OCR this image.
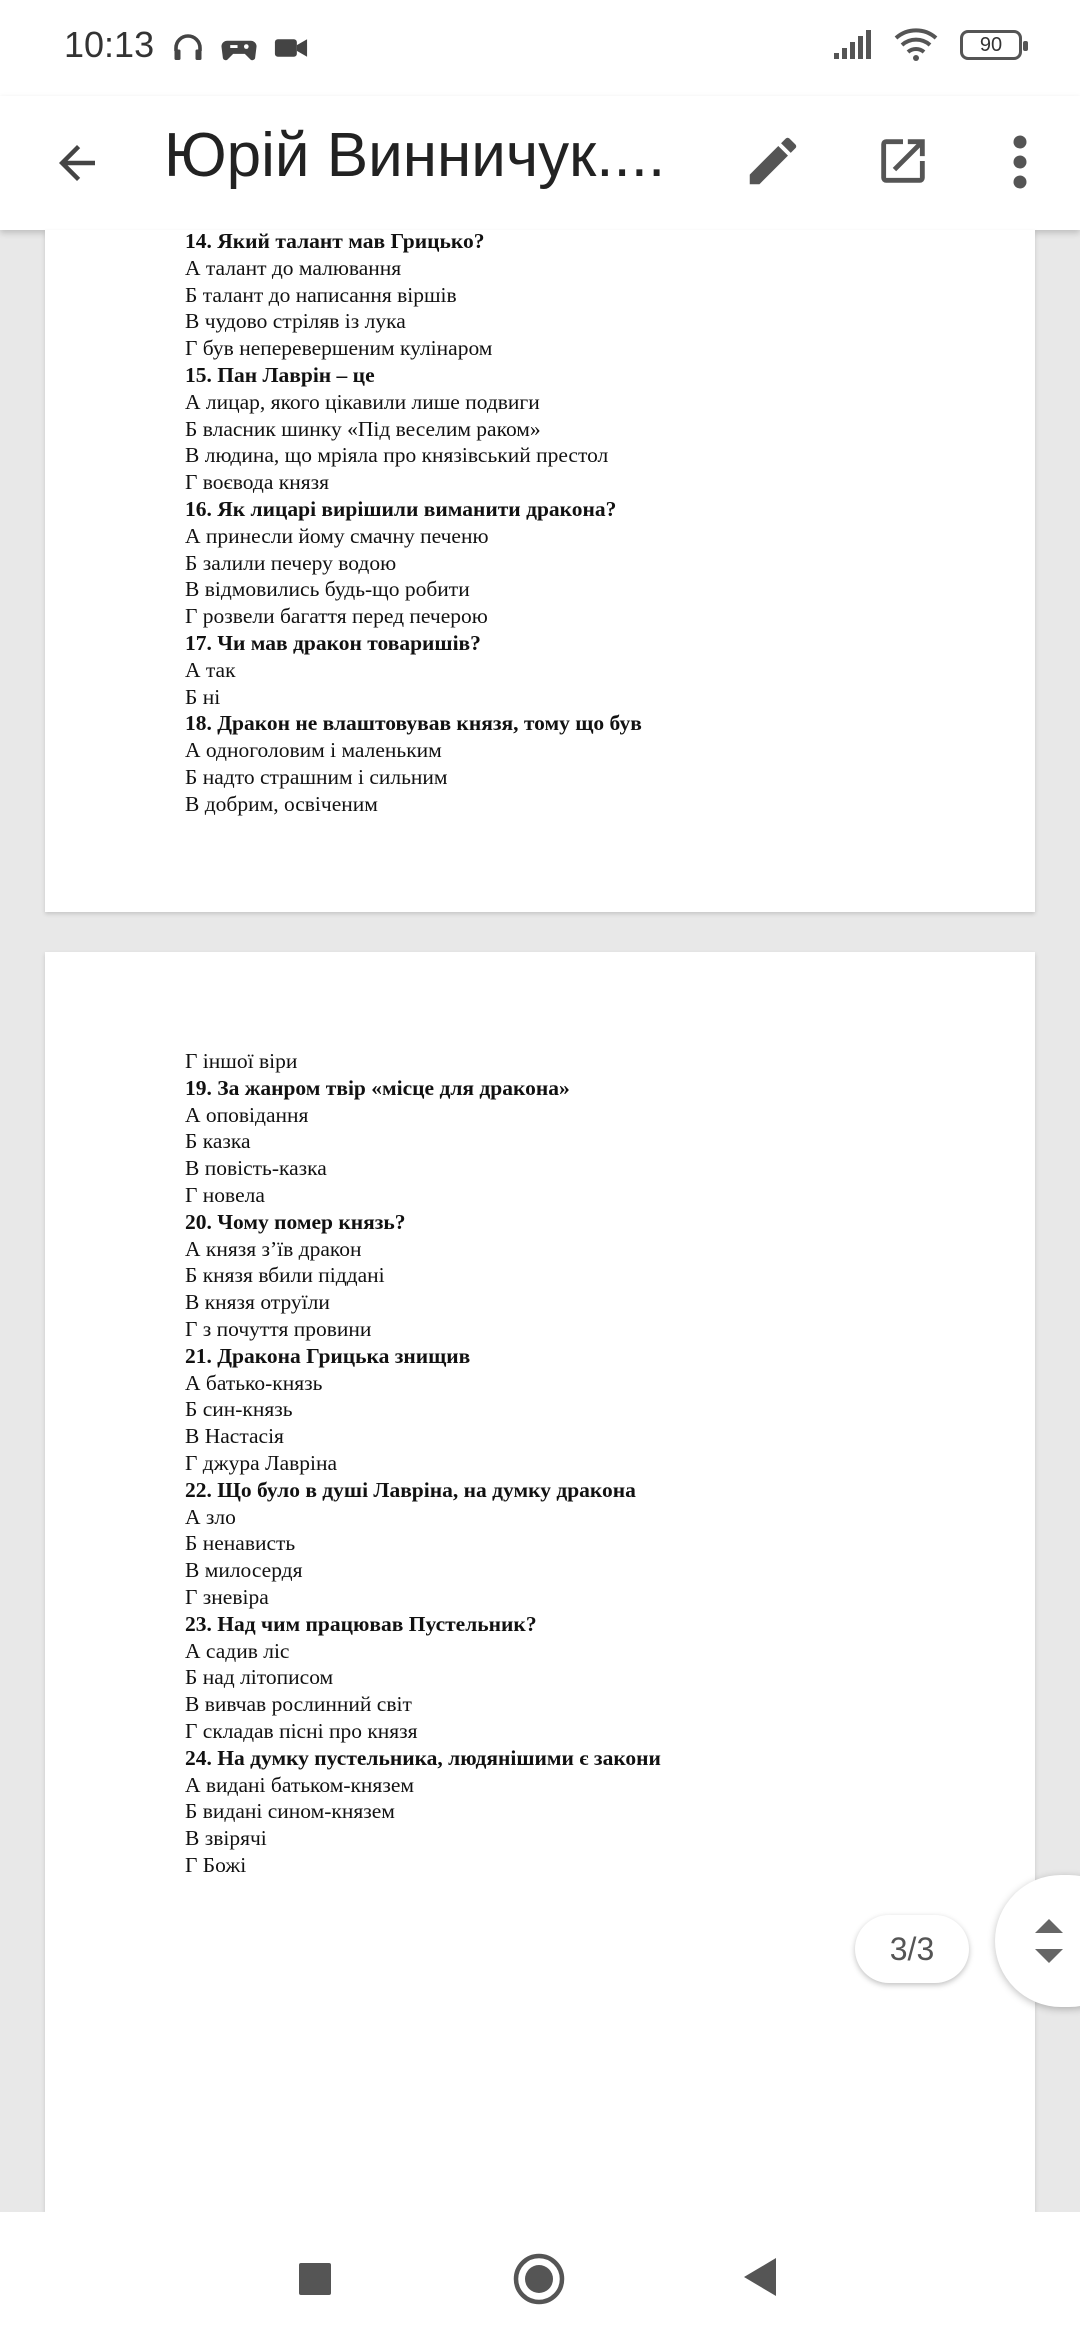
10:13	90
Юрій Винничук....
14. Який талант мав Грицько?
А талант до малювання
Б талант до написання віршів
В чудово стріляв із лука
Г був неперевершеним кулінаром
15. Пан Лаврін – це
А лицар, якого цікавили лише подвиги
Б власник шинку «Під веселим раком»
В людина, що мріяла про князівський престол
Г воєвода князя
16. Як лицарі вирішили виманити дракона?
А принесли йому смачну печеню
Б залили печеру водою
В відмовились будь-що робити
Г розвели багаття перед печерою
17. Чи мав дракон товаришів?
А так
Б ні
18. Дракон не влаштовував князя, тому що був
А одноголовим і маленьким
Б надто страшним і сильним
В добрим, освіченим
Г іншої віри
19. За жанром твір «місце для дракона»
А оповідання
Б казка
В повість-казка
Г новела
20. Чому помер князь?
А князя з’їв дракон
Б князя вбили піддані
В князя отруїли
Г з почуття провини
21. Дракона Грицька знищив
А батько-князь
Б син-князь
В Настасія
Г джура Лавріна
22. Що було в душі Лавріна, на думку дракона
А зло
Б ненависть
В милосердя
Г зневіра
23. Над чим працював Пустельник?
А садив ліс
Б над літописом
В вивчав рослинний світ
Г складав пісні про князя
24. На думку пустельника, людянішими є закони
А видані батьком-князем
Б видані сином-князем
В звірячі
Г Божі
3/3
